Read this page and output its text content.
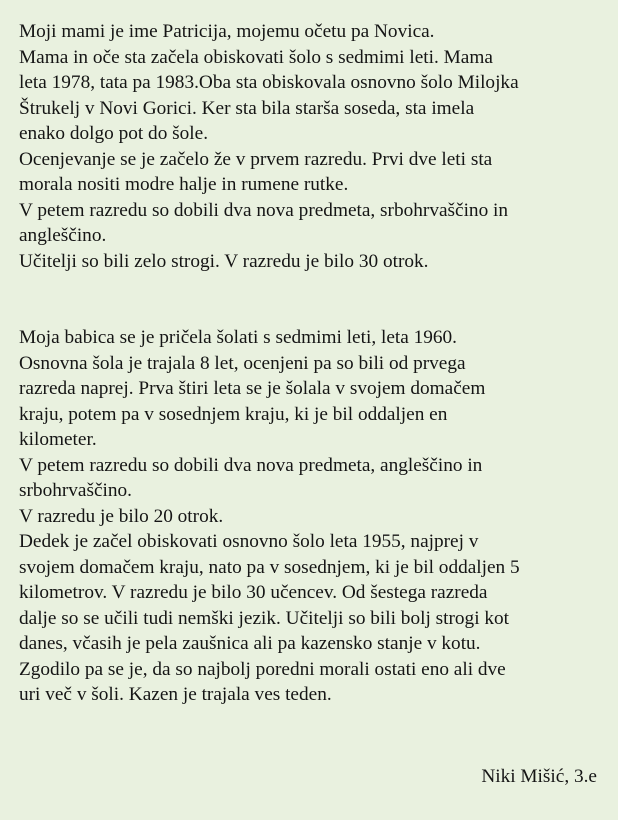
Moji mami je ime Patricija, mojemu očetu pa Novica.
Mama in oče sta začela obiskovati šolo s sedmimi leti. Mama
leta 1978, tata pa 1983.Oba sta obiskovala osnovno šolo Milojka
Štrukelj v Novi Gorici. Ker sta bila starša soseda, sta imela
enako dolgo pot do šole.
Ocenjevanje se je začelo že v prvem razredu. Prvi dve leti sta
morala nositi modre halje in rumene rutke.
V petem razredu so dobili dva nova predmeta, srbohrvaščino in
angleščino.
Učitelji so bili zelo strogi. V razredu je bilo 30 otrok.

Moja babica se je pričela šolati s sedmimi leti, leta 1960.
Osnovna šola je trajala 8 let, ocenjeni pa so bili od prvega
razreda naprej. Prva štiri leta se je šolala v svojem domačem
kraju, potem pa v sosednjem kraju, ki je bil oddaljen en
kilometer.
V petem razredu so dobili dva nova predmeta, angleščino in
srbohrvaščino.
V razredu je bilo 20 otrok.
Dedek je začel obiskovati osnovno šolo leta 1955, najprej v
svojem domačem kraju, nato pa v sosednjem, ki je bil oddaljen 5
kilometrov. V razredu je bilo 30 učencev. Od šestega razreda
dalje so se učili tudi nemški jezik. Učitelji so bili bolj strogi kot
danes, včasih je pela zaušnica ali pa kazensko stanje v kotu.
Zgodilo pa se je, da so najbolj poredni morali ostati eno ali dve
uri več v šoli. Kazen je trajala ves teden.

Niki Mišić, 3.e
